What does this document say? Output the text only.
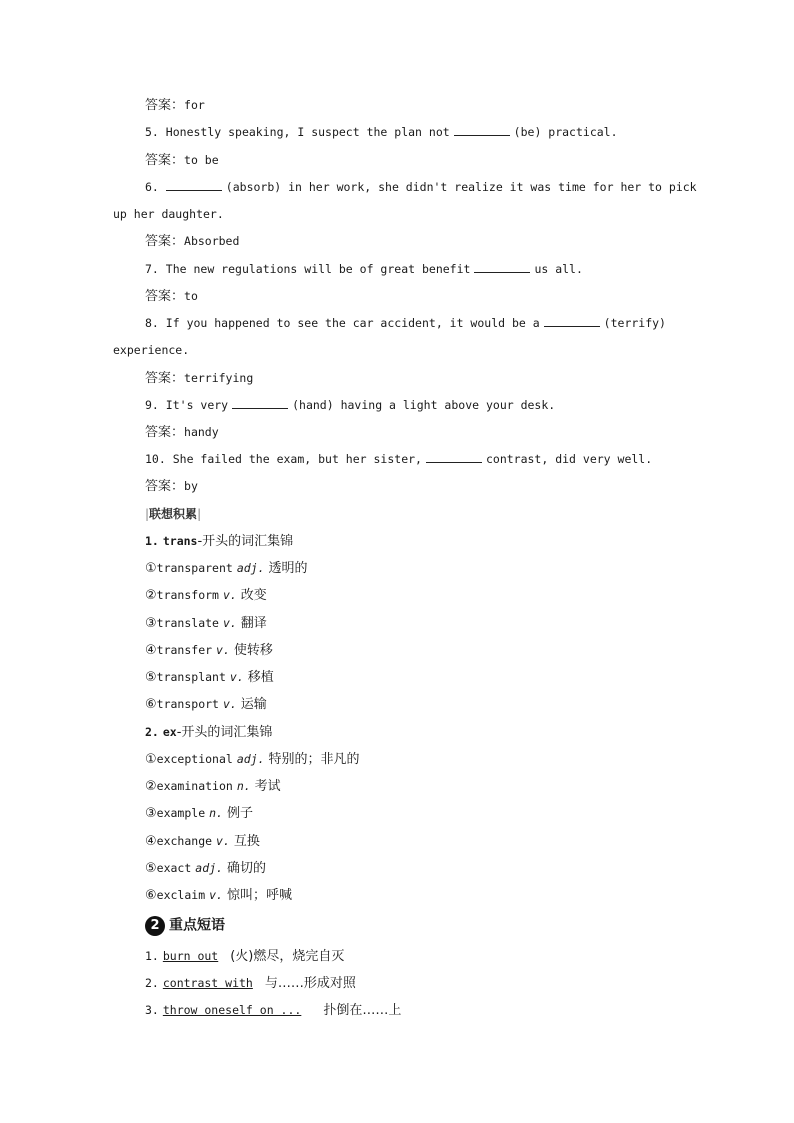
答案：for
5. Honestly speaking, I suspect the plan not	(be) practical.
答案：to be
6.	(absorb) in her work, she didn't realize it was time for her to pick
up her daughter.
答案：Absorbed
7. The new regulations will be of great benefit	us all.
答案：to
8. If you happened to see the car accident, it would be a	(terrify)
experience.
答案：terrifying
9. It's very	(hand) having a light above your desk.
答案：handy
10. She failed the exam, but her sister,	contrast, did very well.
答案：by
|联想积累|
1. trans-开头的词汇集锦
①transparent adj. 透明的
②transform v. 改变
③translate v. 翻译
④transfer v. 使转移
⑤transplant v. 移植
⑥transport v. 运输
2. ex-开头的词汇集锦
①exceptional adj. 特别的；非凡的
②examination n. 考试
③example n. 例子
④exchange v. 互换
⑤exact adj. 确切的
⑥exclaim v. 惊叫；呼喊
2 重点短语
1. burn out (火)燃尽，烧完自灭
2. contrast with 与……形成对照
3. throw oneself on ... 扑倒在……上
